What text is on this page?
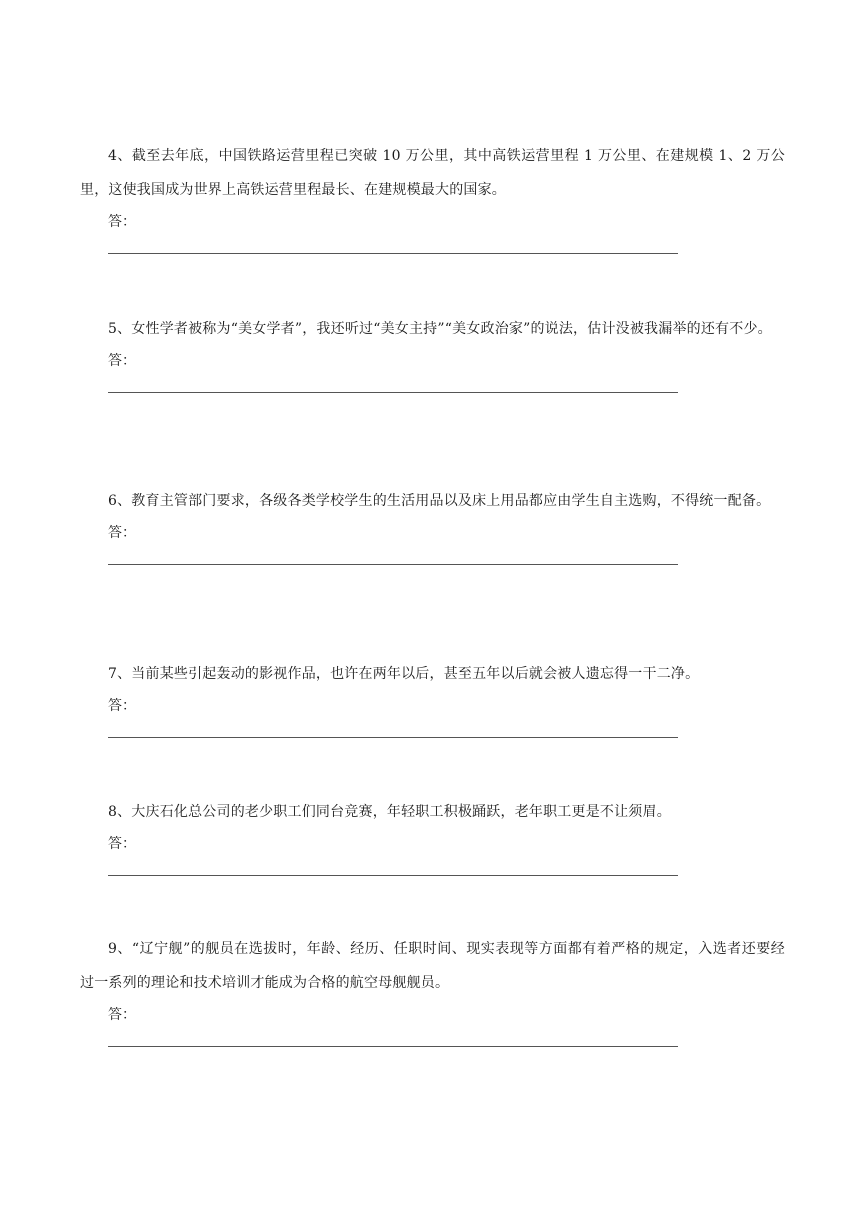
4、截至去年底，中国铁路运营里程已突破 10 万公里，其中高铁运营里程 1 万公里、在建规模 1、2 万公里，这使我国成为世界上高铁运营里程最长、在建规模最大的国家。

答：

5、女性学者被称为“美女学者”，我还听过“美女主持”“美女政治家”的说法，估计没被我漏举的还有不少。

答：

6、教育主管部门要求，各级各类学校学生的生活用品以及床上用品都应由学生自主选购，不得统一配备。

答：

7、当前某些引起轰动的影视作品，也许在两年以后，甚至五年以后就会被人遗忘得一干二净。

答：

8、大庆石化总公司的老少职工们同台竞赛，年轻职工积极踊跃，老年职工更是不让须眉。

答：

9、“辽宁舰”的舰员在选拔时，年龄、经历、任职时间、现实表现等方面都有着严格的规定，入选者还要经过一系列的理论和技术培训才能成为合格的航空母舰舰员。

答：
